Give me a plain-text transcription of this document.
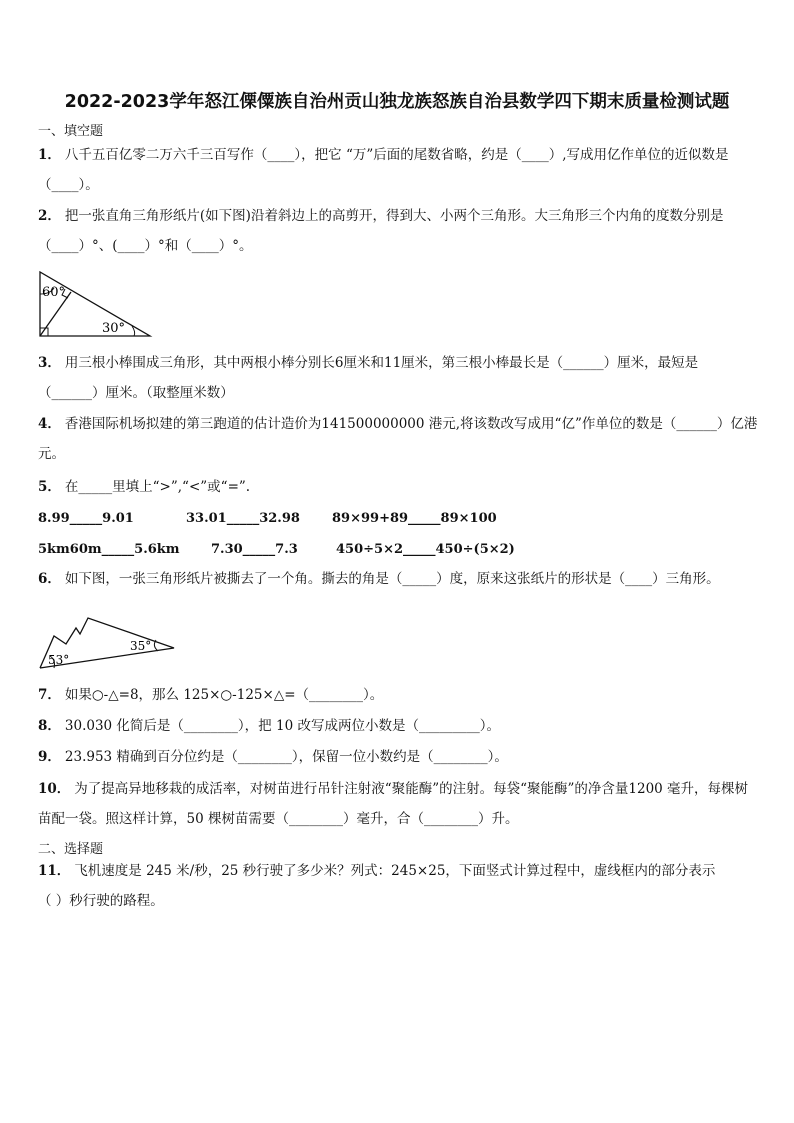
2022-2023学年怒江傈僳族自治州贡山独龙族怒族自治县数学四下期末质量检测试题
一、填空题
1． 八千五百亿零二万六千三百写作（____），把它 “万”后面的尾数省略，约是（____）,写成用亿作单位的近似数是
（____）。
2． 把一张直角三角形纸片(如下图)沿着斜边上的高剪开，得到大、小两个三角形。大三角形三个内角的度数分别是
（____）°、(____）°和（____）°。
60°
30°
3． 用三根小棒围成三角形，其中两根小棒分别长6厘米和11厘米，第三根小棒最长是（______）厘米，最短是
（______）厘米。（取整厘米数）
4． 香港国际机场拟建的第三跑道的估计造价为141500000000 港元,将该数改写成用“亿”作单位的数是（______）亿港
元。
5． 在_____里填上“>”,“<”或“=”.
8.99_____9.01	33.01_____32.98 89×99+89_____89×100
5km60m_____5.6km 7.30_____7.3	450÷5×2_____450÷(5×2)
6． 如下图，一张三角形纸片被撕去了一个角。撕去的角是（_____）度，原来这张纸片的形状是（____）三角形。
53°
35°
7． 如果○-△=8，那么 125×○-125×△=（________）。
8． 30.030 化简后是（________），把 10 改写成两位小数是（_________）。
9． 23.953 精确到百分位约是（________），保留一位小数约是（________）。
10． 为了提高异地移栽的成活率，对树苗进行吊针注射液“聚能酶”的注射。每袋“聚能酶”的净含量1200 毫升，每棵树
苗配一袋。照这样计算，50 棵树苗需要（________）毫升，合（________）升。
二、选择题
11． 飞机速度是 245 米/秒，25 秒行驶了多少米？列式：245×25，下面竖式计算过程中，虚线框内的部分表示
（ ）秒行驶的路程。
